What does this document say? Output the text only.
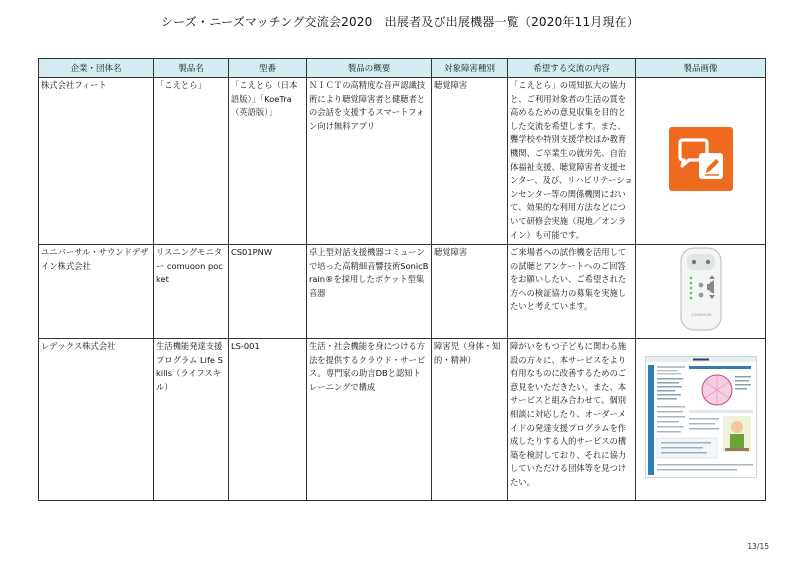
シーズ・ニーズマッチング交流会2020　出展者及び出展機器一覧（2020年11月現在）
企業・団体名	製品名	型番	製品の概要	対象障害種別	希望する交流の内容	製品画像
株式会社フィート	「こえとら」	「こえとら（日本語版）」「KoeTra（英語版）」	ＮＩＣＴの高精度な音声認識技術により聴覚障害者と健聴者との会話を支援するスマートフォン向け無料アプリ	聴覚障害	「こえとら」の周知拡大の協力と、ご利用対象者の生活の質を高めるための意見収集を目的とした交流を希望します。また、聾学校や特別支援学校ほか教育機関、ご卒業生の就労先、自治体福祉支援、聴覚障害者支援センター、及び、リハビリテーションセンター等の関係機関において、効果的な利用方法などについて研修会実施（現地／オンライン）も可能です。	
ユニバーサル・サウンドデザイン株式会社	リスニングモニター comuoon pocket	CS01PNW	卓上型対話支援機器コミューンで培った高精細音響技術SonicBrain®を採用したポケット型集音器	聴覚障害	ご来場者への試作機を活用しての試聴とアンケートへのご回答をお願いしたい、ご希望された方への検証協力の募集を実施したいと考えています。	COMUOON

レデックス株式会社	生活機能発達支援プログラム Life Skills（ライフスキル）	LS-001	生活・社会機能を身につける方法を提供するクラウド・サービス。専門家の助言DBと認知トレーニングで構成	障害児（身体・知的・精神）	障がいをもつ子どもに関わる施設の方々に、本サービスをより有用なものに改善するためのご意見をいただきたい。また、本サービスと組み合わせて、個別相談に対応したり、オーダーメイドの発達支援プログラムを作成したりする人的サービスの構築を検討しており、それに協力していただける団体等を見つけたい。	
13/15
